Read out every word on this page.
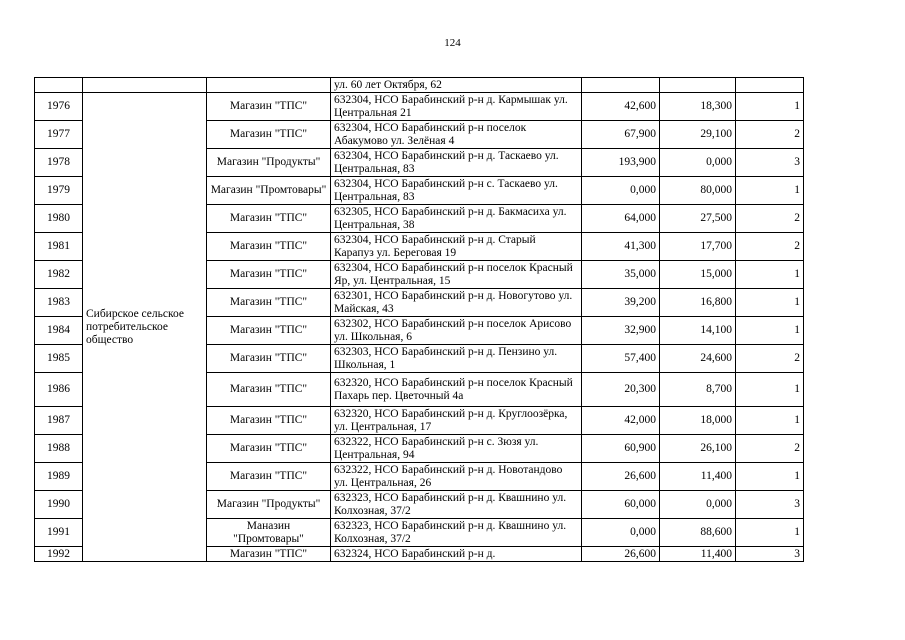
124
			ул. 60 лет Октября, 62			
1976	Сибирское сельское потребительское общество	Магазин "ТПС"	632304, НСО Барабинский р-н д. Кармышак ул. Центральная 21	42,600	18,300	1
1977		Магазин "ТПС"	632304, НСО Барабинский р-н поселок Абакумово ул. Зелёная 4	67,900	29,100	2
1978		Магазин "Продукты"	632304, НСО Барабинский р-н д. Таскаево ул. Центральная, 83	193,900	0,000	3
1979		Магазин "Промтовары"	632304, НСО Барабинский р-н с. Таскаево ул. Центральная, 83	0,000	80,000	1
1980		Магазин "ТПС"	632305, НСО Барабинский р-н д. Бакмасиха ул. Центральная, 38	64,000	27,500	2
1981		Магазин "ТПС"	632304, НСО Барабинский р-н д. Старый Карапуз ул. Береговая 19	41,300	17,700	2
1982		Магазин "ТПС"	632304, НСО Барабинский р-н поселок Красный Яр, ул. Центральная, 15	35,000	15,000	1
1983		Магазин "ТПС"	632301, НСО Барабинский р-н д. Новогутово ул. Майская, 43	39,200	16,800	1
1984		Магазин "ТПС"	632302, НСО Барабинский р-н поселок Арисово ул. Школьная, 6	32,900	14,100	1
1985		Магазин "ТПС"	632303, НСО Барабинский р-н д. Пензино ул. Школьная, 1	57,400	24,600	2
1986		Магазин "ТПС"	632320, НСО Барабинский р-н поселок Красный Пахарь пер. Цветочный 4а	20,300	8,700	1
1987		Магазин "ТПС"	632320, НСО Барабинский р-н д. Круглоозёрка, ул. Центральная, 17	42,000	18,000	1
1988		Магазин "ТПС"	632322, НСО Барабинский р-н с. Зюзя ул. Центральная, 94	60,900	26,100	2
1989		Магазин "ТПС"	632322, НСО Барабинский р-н д. Новотандово ул. Центральная, 26	26,600	11,400	1
1990		Магазин "Продукты"	632323, НСО Барабинский р-н д. Квашнино ул. Колхозная, 37/2	60,000	0,000	3
1991		Маназин "Промтовары"	632323, НСО Барабинский р-н д. Квашнино ул. Колхозная, 37/2	0,000	88,600	1
1992		Магазин "ТПС"	632324, НСО Барабинский р-н д.	26,600	11,400	3
